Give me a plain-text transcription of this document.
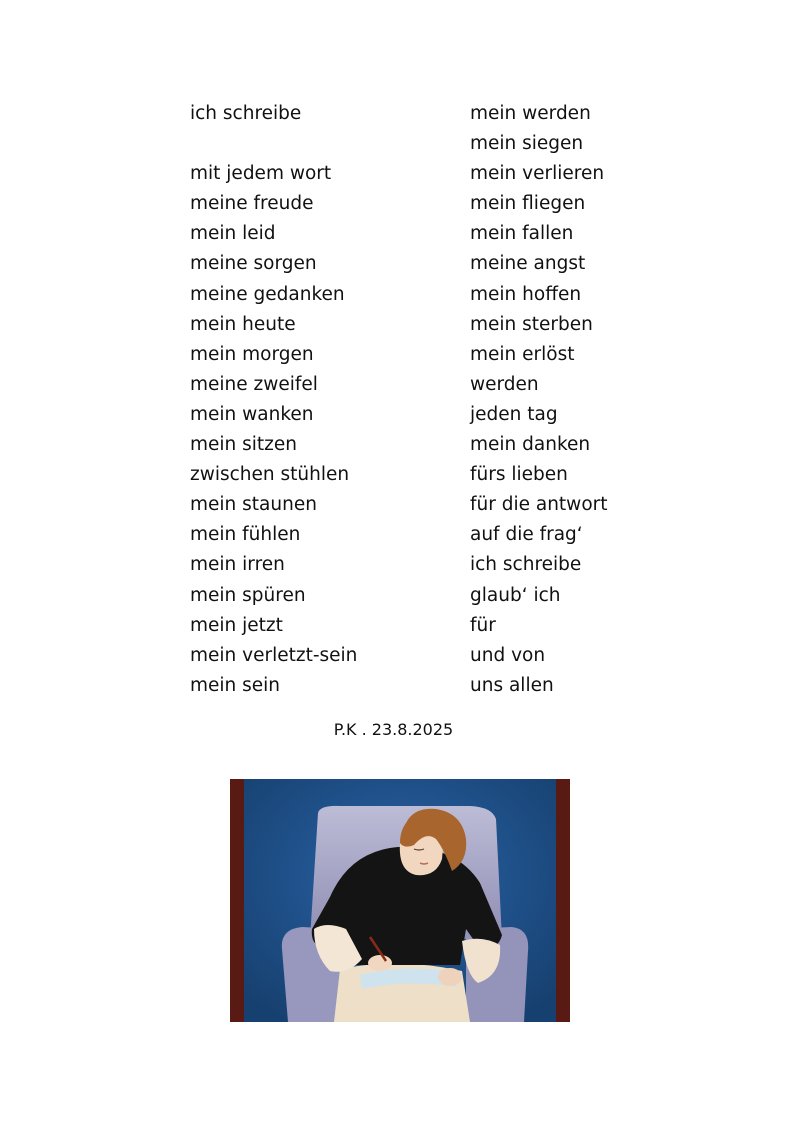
ich schreibe
mit jedem wort
meine freude
mein leid
meine sorgen
meine gedanken
mein heute
mein morgen
meine zweifel
mein wanken
mein sitzen
zwischen stühlen
mein staunen
mein fühlen
mein irren
mein spüren
mein jetzt
mein verletzt-sein
mein sein
mein werden
mein siegen
mein verlieren
mein fliegen
mein fallen
meine angst
mein hoffen
mein sterben
mein erlöst
werden
jeden tag
mein danken
fürs lieben
für die antwort
auf die frag‘
ich schreibe
glaub‘ ich
für
und von
uns allen
P.K . 23.8.2025
